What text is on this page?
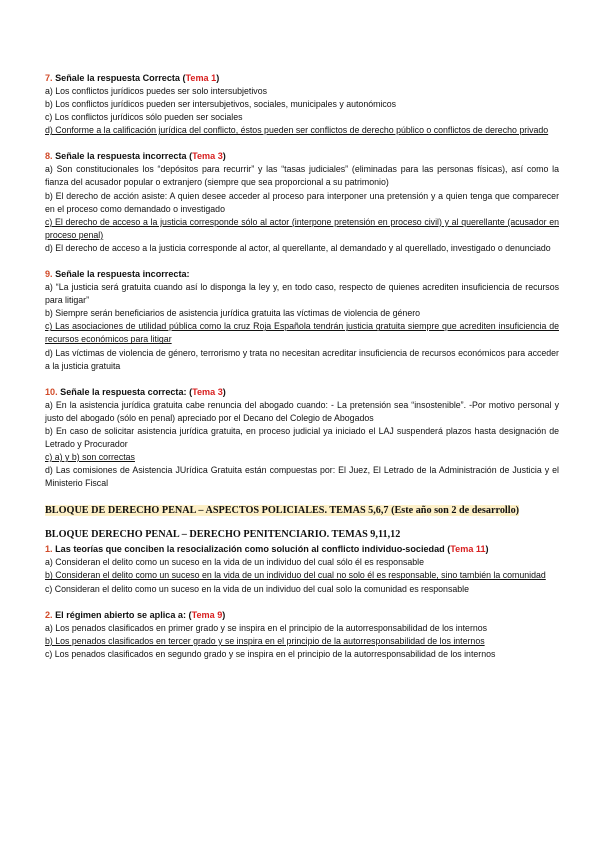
7. Señale la respuesta Correcta (Tema 1)

a) Los conflictos jurídicos puedes ser solo intersubjetivos

b) Los conflictos jurídicos pueden ser intersubjetivos, sociales, municipales y autonómicos

c) Los conflictos jurídicos sólo pueden ser sociales

d) Conforme a la calificación jurídica del conflicto, éstos pueden ser conflictos de derecho público o conflictos de derecho privado

8. Señale la respuesta incorrecta (Tema 3)

a) Son constitucionales los “depósitos para recurrir” y las “tasas judiciales” (eliminadas para las personas físicas), así como la fianza del acusador popular o extranjero (siempre que sea proporcional a su patrimonio)

b) El derecho de acción asiste: A quien desee acceder al proceso para interponer una pretensión y a quien tenga que comparecer en el proceso como demandado o investigado

c) El derecho de acceso a la justicia corresponde sólo al actor (interpone pretensión en proceso civil) y al querellante (acusador en proceso penal)

d) El derecho de acceso a la justicia corresponde al actor, al querellante, al demandado y al querellado, investigado o denunciado

9. Señale la respuesta incorrecta:

a) “La justicia será gratuita cuando así lo disponga la ley y, en todo caso, respecto de quienes acrediten insuficiencia de recursos para litigar”

b) Siempre serán beneficiarios de asistencia jurídica gratuita las víctimas de violencia de género

c) Las asociaciones de utilidad pública como la cruz Roja Española tendrán justicia gratuita siempre que acrediten insuficiencia de recursos económicos para litigar

d) Las víctimas de violencia de género, terrorismo y trata no necesitan acreditar insuficiencia de recursos económicos para acceder a la justicia gratuita

10. Señale la respuesta correcta: (Tema 3)

a) En la asistencia jurídica gratuita cabe renuncia del abogado cuando: - La pretensión sea “insostenible”. -Por motivo personal y justo del abogado (sólo en penal) apreciado por el Decano del Colegio de Abogados

b) En caso de solicitar asistencia jurídica gratuita, en proceso judicial ya iniciado el LAJ suspenderá plazos hasta designación de Letrado y Procurador

c) a) y b) son correctas

d) Las comisiones de Asistencia JUrídica Gratuita están compuestas por: El Juez, El Letrado de la Administración de Justicia y el Ministerio Fiscal

BLOQUE DE DERECHO PENAL – ASPECTOS POLICIALES. TEMAS 5,6,7 (Este año son 2 de desarrollo)

BLOQUE DERECHO PENAL – DERECHO PENITENCIARIO. TEMAS 9,11,12

1. Las teorías que conciben la resocialización como solución al conflicto individuo-sociedad (Tema 11)

a) Consideran el delito como un suceso en la vida de un individuo del cual sólo él es responsable

b) Consideran el delito como un suceso en la vida de un individuo del cual no solo él es responsable, sino también la comunidad

c) Consideran el delito como un suceso en la vida de un individuo del cual solo la comunidad es responsable

2. El régimen abierto se aplica a: (Tema 9)

a) Los penados clasificados en primer grado y se inspira en el principio de la autorresponsabilidad de los internos

b) Los penados clasificados en tercer grado y se inspira en el principio de la autorresponsabilidad de los internos

c) Los penados clasificados en segundo grado y se inspira en el principio de la autorresponsabilidad de los internos
